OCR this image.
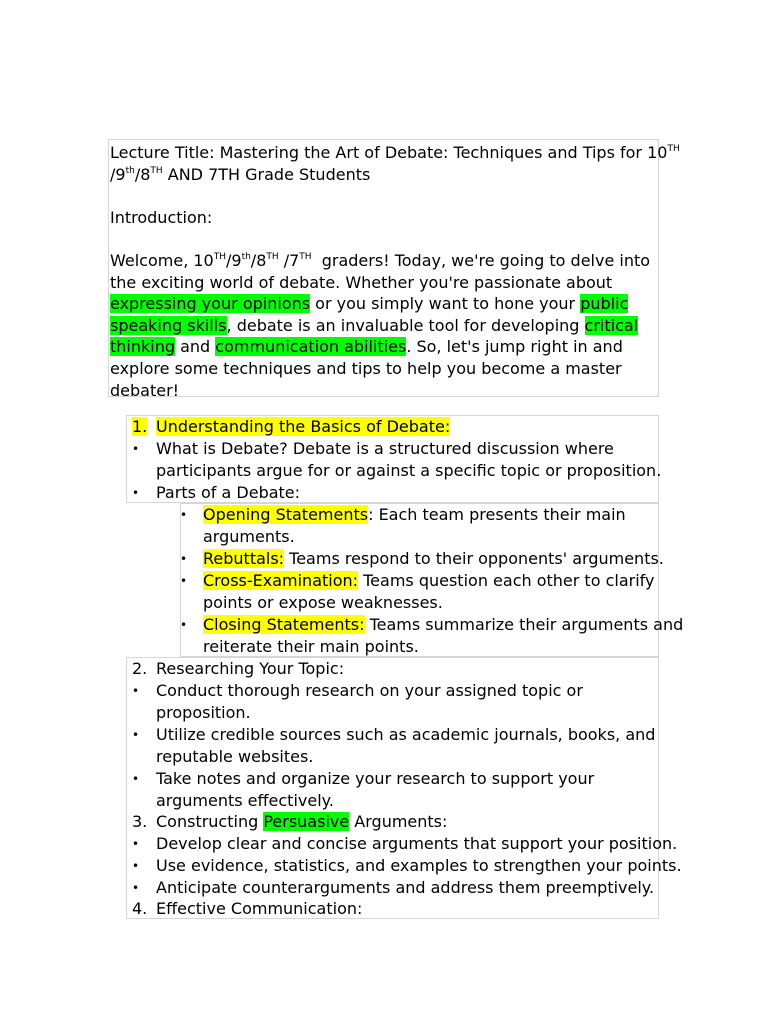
Lecture Title: Mastering the Art of Debate: Techniques and Tips for 10TH

/9th/8TH AND 7TH Grade Students

Introduction:

Welcome, 10TH/9th/8TH /7TH  graders! Today, we're going to delve into

the exciting world of debate. Whether you're passionate about

expressing your opinions or you simply want to hone your public

speaking skills, debate is an invaluable tool for developing critical

thinking and communication abilities. So, let's jump right in and

explore some techniques and tips to help you become a master

debater!

1. Understanding the Basics of Debate:
• What is Debate? Debate is a structured discussion where
participants argue for or against a specific topic or proposition.
• Parts of a Debate:
• Opening Statements: Each team presents their main
arguments.
• Rebuttals: Teams respond to their opponents' arguments.
• Cross-Examination: Teams question each other to clarify
points or expose weaknesses.
• Closing Statements: Teams summarize their arguments and
reiterate their main points.
2. Researching Your Topic:
• Conduct thorough research on your assigned topic or
proposition.
• Utilize credible sources such as academic journals, books, and
reputable websites.
• Take notes and organize your research to support your
arguments effectively.
3. Constructing Persuasive Arguments:
• Develop clear and concise arguments that support your position.
• Use evidence, statistics, and examples to strengthen your points.
• Anticipate counterarguments and address them preemptively.
4. Effective Communication:
